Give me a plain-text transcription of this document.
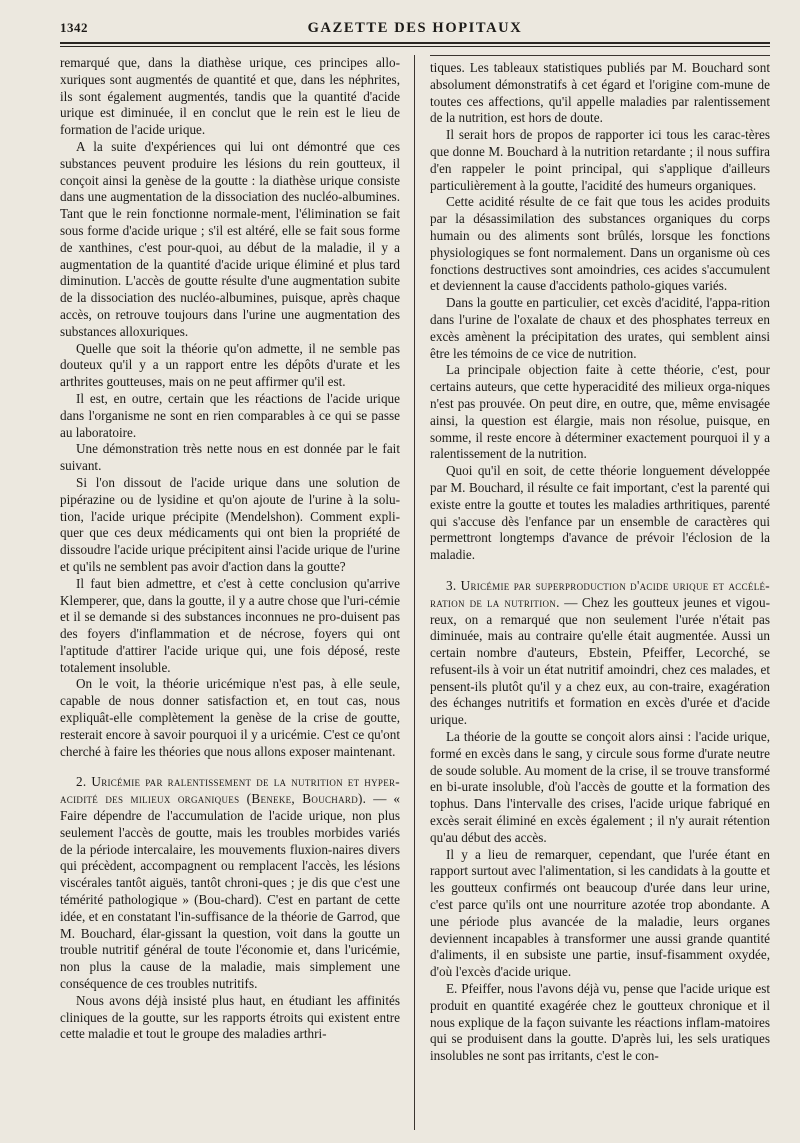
1342	GAZETTE DES HOPITAUX

remarqué que, dans la diathèse urique, ces principes allo-xuriques sont augmentés de quantité et que, dans les néphrites, ils sont également augmentés, tandis que la quantité d'acide urique est diminuée, il en conclut que le rein est le lieu de formation de l'acide urique.

A la suite d'expériences qui lui ont démontré que ces substances peuvent produire les lésions du rein goutteux, il conçoit ainsi la genèse de la goutte : la diathèse urique consiste dans une augmentation de la dissociation des nucléo-albumines. Tant que le rein fonctionne normale-ment, l'élimination se fait sous forme d'acide urique ; s'il est altéré, elle se fait sous forme de xanthines, c'est pour-quoi, au début de la maladie, il y a augmentation de la quantité d'acide urique éliminé et plus tard diminution. L'accès de goutte résulte d'une augmentation subite de la dissociation des nucléo-albumines, puisque, après chaque accès, on retrouve toujours dans l'urine une augmentation des substances alloxuriques.

Quelle que soit la théorie qu'on admette, il ne semble pas douteux qu'il y a un rapport entre les dépôts d'urate et les arthrites goutteuses, mais on ne peut affirmer qu'il est.

Il est, en outre, certain que les réactions de l'acide urique dans l'organisme ne sont en rien comparables à ce qui se passe au laboratoire.

Une démonstration très nette nous en est donnée par le fait suivant.

Si l'on dissout de l'acide urique dans une solution de pipérazine ou de lysidine et qu'on ajoute de l'urine à la solu-tion, l'acide urique précipite (Mendelshon). Comment expli-quer que ces deux médicaments qui ont bien la propriété de dissoudre l'acide urique précipitent ainsi l'acide urique de l'urine et qu'ils ne semblent pas avoir d'action dans la goutte?

Il faut bien admettre, et c'est à cette conclusion qu'arrive Klemperer, que, dans la goutte, il y a autre chose que l'uri-cémie et il se demande si des substances inconnues ne pro-duisent pas des foyers d'inflammation et de nécrose, foyers qui ont l'aptitude d'attirer l'acide urique qui, une fois déposé, reste totalement insoluble.

On le voit, la théorie uricémique n'est pas, à elle seule, capable de nous donner satisfaction et, en tout cas, nous expliquât-elle complètement la genèse de la crise de goutte, resterait encore à savoir pourquoi il y a uricémie. C'est ce qu'ont cherché à faire les théories que nous allons exposer maintenant.

2. Uricémie par ralentissement de la nutrition et hyper-acidité des milieux organiques (Beneke, Bouchard). — « Faire dépendre de l'accumulation de l'acide urique, non plus seulement l'accès de goutte, mais les troubles morbides variés de la période intercalaire, les mouvements fluxion-naires divers qui précèdent, accompagnent ou remplacent l'accès, les lésions viscérales tantôt aiguës, tantôt chroni-ques ; je dis que c'est une témérité pathologique » (Bou-chard). C'est en partant de cette idée, et en constatant l'in-suffisance de la théorie de Garrod, que M. Bouchard, élar-gissant la question, voit dans la goutte un trouble nutritif général de toute l'économie et, dans l'uricémie, non plus la cause de la maladie, mais simplement une conséquence de ces troubles nutritifs.

Nous avons déjà insisté plus haut, en étudiant les affinités cliniques de la goutte, sur les rapports étroits qui existent entre cette maladie et tout le groupe des maladies arthri-

tiques. Les tableaux statistiques publiés par M. Bouchard sont absolument démonstratifs à cet égard et l'origine com-mune de toutes ces affections, qu'il appelle maladies par ralentissement de la nutrition, est hors de doute.

Il serait hors de propos de rapporter ici tous les carac-tères que donne M. Bouchard à la nutrition retardante ; il nous suffira d'en rappeler le point principal, qui s'applique d'ailleurs particulièrement à la goutte, l'acidité des humeurs organiques.

Cette acidité résulte de ce fait que tous les acides produits par la désassimilation des substances organiques du corps humain ou des aliments sont brûlés, lorsque les fonctions physiologiques se font normalement. Dans un organisme où ces fonctions destructives sont amoindries, ces acides s'accumulent et deviennent la cause d'accidents patholo-giques variés.

Dans la goutte en particulier, cet excès d'acidité, l'appa-rition dans l'urine de l'oxalate de chaux et des phosphates terreux en excès amènent la précipitation des urates, qui semblent ainsi être les témoins de ce vice de nutrition.

La principale objection faite à cette théorie, c'est, pour certains auteurs, que cette hyperacidité des milieux orga-niques n'est pas prouvée. On peut dire, en outre, que, même envisagée ainsi, la question est élargie, mais non résolue, puisque, en somme, il reste encore à déterminer exactement pourquoi il y a ralentissement de la nutrition.

Quoi qu'il en soit, de cette théorie longuement développée par M. Bouchard, il résulte ce fait important, c'est la parenté qui existe entre la goutte et toutes les maladies arthritiques, parenté qui s'accuse dès l'enfance par un ensemble de caractères qui permettront longtemps d'avance de prévoir l'éclosion de la maladie.

3. Uricémie par superproduction d'acide urique et accélé-ration de la nutrition. — Chez les goutteux jeunes et vigou-reux, on a remarqué que non seulement l'urée n'était pas diminuée, mais au contraire qu'elle était augmentée. Aussi un certain nombre d'auteurs, Ebstein, Pfeiffer, Lecorché, se refusent-ils à voir un état nutritif amoindri, chez ces malades, et pensent-ils plutôt qu'il y a chez eux, au con-traire, exagération des échanges nutritifs et formation en excès d'urée et d'acide urique.

La théorie de la goutte se conçoit alors ainsi : l'acide urique, formé en excès dans le sang, y circule sous forme d'urate neutre de soude soluble. Au moment de la crise, il se trouve transformé en bi-urate insoluble, d'où l'accès de goutte et la formation des tophus. Dans l'intervalle des crises, l'acide urique fabriqué en excès serait éliminé en excès également ; il n'y aurait rétention qu'au début des accès.

Il y a lieu de remarquer, cependant, que l'urée étant en rapport surtout avec l'alimentation, si les candidats à la goutte et les goutteux confirmés ont beaucoup d'urée dans leur urine, c'est parce qu'ils ont une nourriture azotée trop abondante. A une période plus avancée de la maladie, leurs organes deviennent incapables à transformer une aussi grande quantité d'aliments, il en subsiste une partie, insuf-fisamment oxydée, d'où l'excès d'acide urique.

E. Pfeiffer, nous l'avons déjà vu, pense que l'acide urique est produit en quantité exagérée chez le goutteux chronique et il nous explique de la façon suivante les réactions inflam-matoires qui se produisent dans la goutte. D'après lui, les sels uratiques insolubles ne sont pas irritants, c'est le con-
